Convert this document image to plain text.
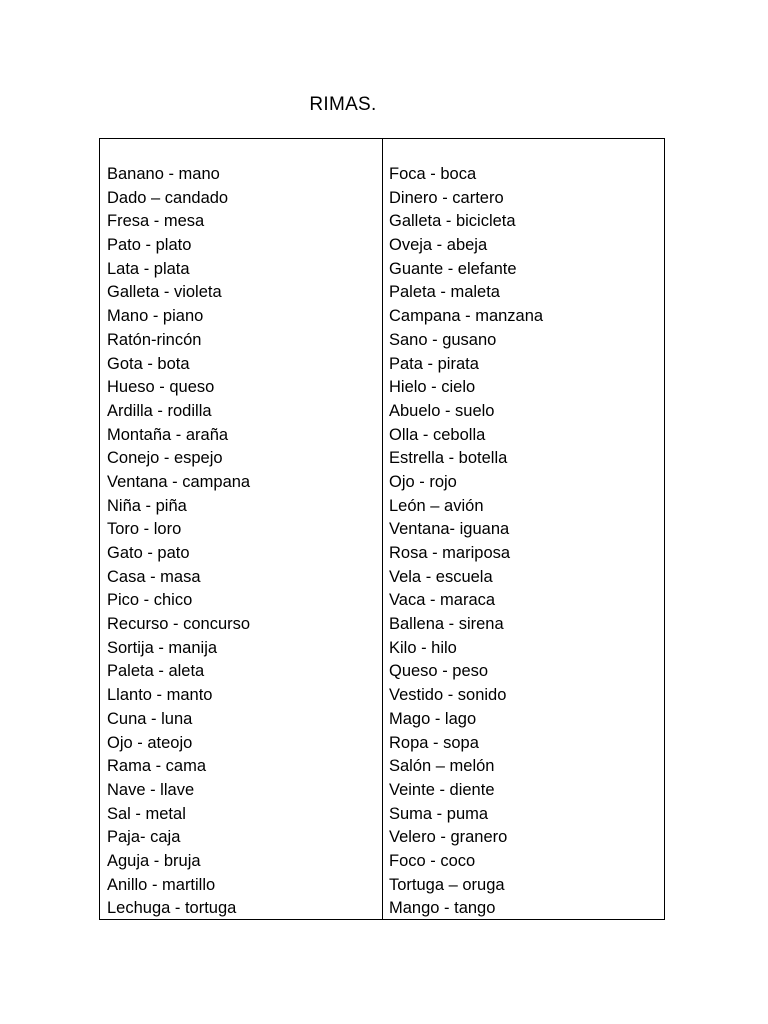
RIMAS.
Banano - mano
Dado – candado
Fresa - mesa
Pato - plato
Lata - plata
Galleta - violeta
Mano - piano
Ratón-rincón
Gota - bota
Hueso - queso
Ardilla - rodilla
Montaña - araña
Conejo - espejo
Ventana - campana
Niña - piña
Toro - loro
Gato - pato
Casa - masa
Pico - chico
Recurso - concurso
Sortija - manija
Paleta - aleta
Llanto - manto
Cuna - luna
Ojo - ateojo
Rama - cama
Nave - llave
Sal - metal
Paja- caja
Aguja - bruja
Anillo - martillo
Lechuga - tortuga
Foca - boca
Dinero - cartero
Galleta - bicicleta
Oveja - abeja
Guante - elefante
Paleta - maleta
Campana - manzana
Sano - gusano
Pata - pirata
Hielo - cielo
Abuelo - suelo
Olla - cebolla
Estrella - botella
Ojo - rojo
León – avión
Ventana- iguana
Rosa - mariposa
Vela - escuela
Vaca - maraca
Ballena - sirena
Kilo - hilo
Queso - peso
Vestido - sonido
Mago - lago
Ropa - sopa
Salón – melón
Veinte - diente
Suma - puma
Velero - granero
Foco - coco
Tortuga – oruga
Mango - tango
